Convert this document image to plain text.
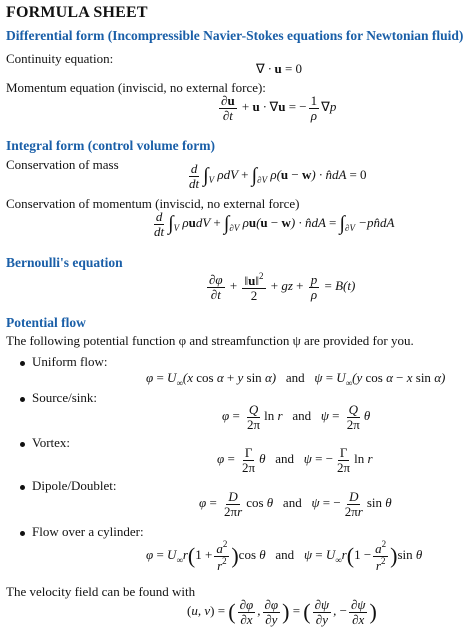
FORMULA SHEET
Differential form (Incompressible Navier-Stokes equations for Newtonian fluid)
Continuity equation:
∇ · u = 0
Momentum equation (inviscid, no external force):
$\frac{\partial u}{\partial t} + u \cdot \nabla u$ = − $\frac{1}{\rho} \nabla p$
Integral form (control volume form)
Conservation of mass	$\frac{d}{dt} \int_V$ $\rho dV + \int_{\partial V}$ ρ(u − w) · n̂dA = 0
Conservation of momentum (inviscid, no external force)
$\frac{d}{dt} \int_V$ $\rho udV + \int_{\partial V}$ ρu(u − w) · n̂dA = $\int_{\partial V}$ −pn̂dA
Bernoulli's equation
$\frac{\partial\varphi}{\partial t} + \frac{‖u‖^2}{2}$ + gz + $\frac{p}{\rho} = B(t)$
Potential flow
The following potential function φ and streamfunction ψ are provided for you.
Uniform flow:
$\varphi = U_\infty(x$ cos α + y sin α)   and   $\psi = U_\infty(y$ cos α − x sin α)
Source/sink:
$\varphi = \frac{Q}{2\pi}$ ln r   and   $\psi = \frac{Q}{2\pi}$ θ
Vortex:
$\varphi = \frac{\Gamma}{2\pi}$ θ   and   ψ = − $\frac{\Gamma}{2\pi}$ ln r
Dipole/Doublet:
$\varphi = \frac{D}{2\pi r}$ cos θ   and   ψ = − $\frac{D}{2\pi r}$ sin θ
Flow over a cylinder:
$\varphi = U_\infty r(1 + \frac{a^2}{r^2} )\cos$ θ   and   $\psi = U_\infty r(1 - \frac{a^2}{r^2} )\sin$ θ
The velocity field can be found with
(u, v) = ( $\frac{\partial\varphi}{\partial x}$ , $\frac{\partial\varphi}{\partial y}$ ) = ( $\frac{\partial\psi}{\partial y}$ , − $\frac{\partial\psi}{\partial x}$ )
